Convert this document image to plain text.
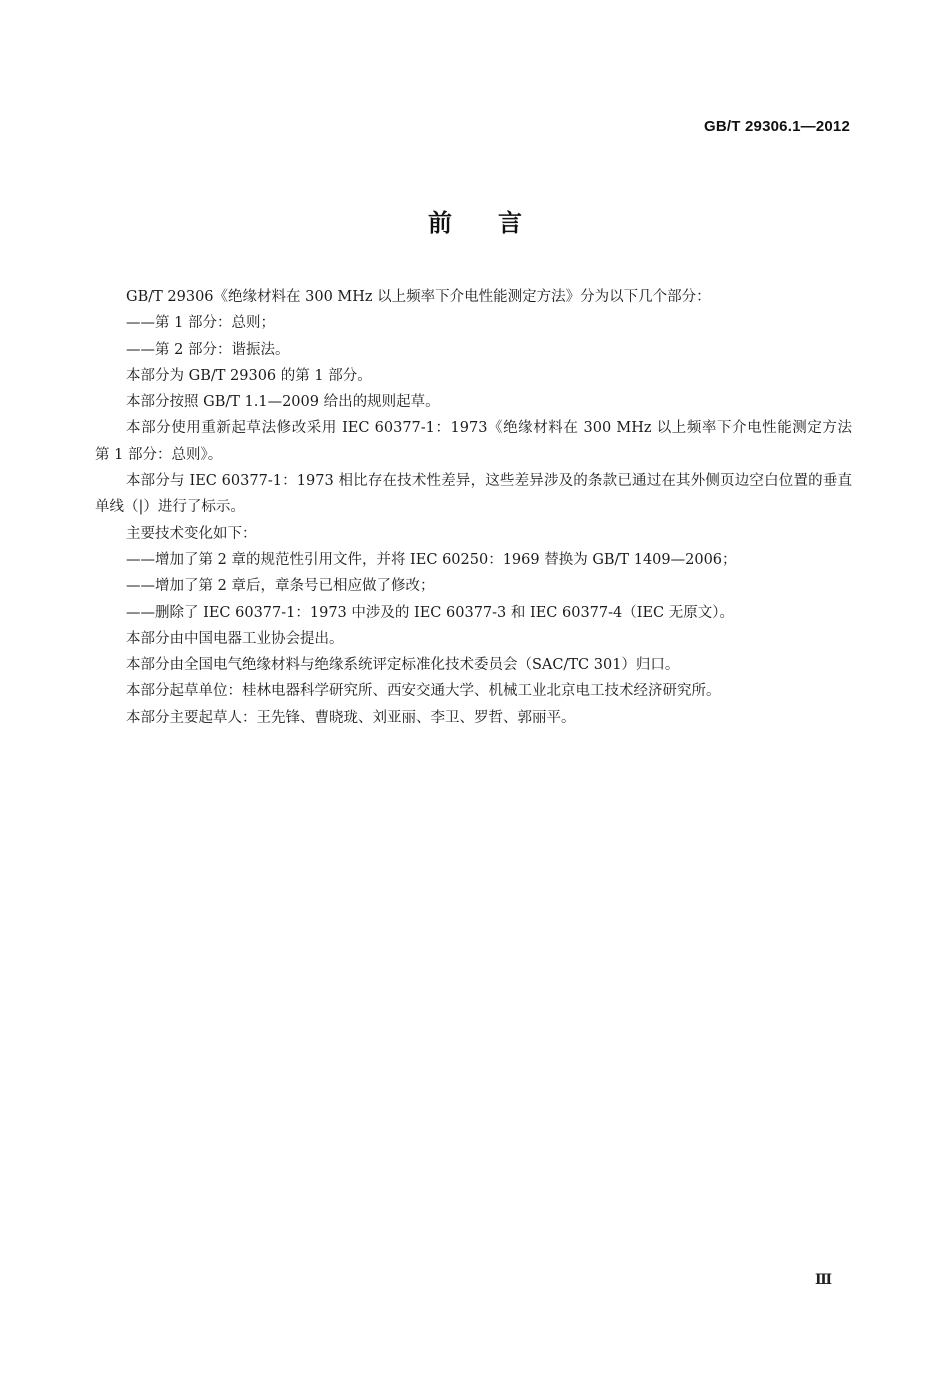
GB/T 29306.1—2012
前言

GB/T 29306《绝缘材料在 300 MHz 以上频率下介电性能测定方法》分为以下几个部分：

——第 1 部分：总则；

——第 2 部分：谐振法。

本部分为 GB/T 29306 的第 1 部分。

本部分按照 GB/T 1.1—2009 给出的规则起草。

本部分使用重新起草法修改采用 IEC 60377-1：1973《绝缘材料在 300 MHz 以上频率下介电性能测定方法　第 1 部分：总则》。

本部分与 IEC 60377-1：1973 相比存在技术性差异，这些差异涉及的条款已通过在其外侧页边空白位置的垂直单线（|）进行了标示。

主要技术变化如下：

——增加了第 2 章的规范性引用文件，并将 IEC 60250：1969 替换为 GB/T 1409—2006；

——增加了第 2 章后，章条号已相应做了修改；

——删除了 IEC 60377-1：1973 中涉及的 IEC 60377-3 和 IEC 60377-4（IEC 无原文）。

本部分由中国电器工业协会提出。

本部分由全国电气绝缘材料与绝缘系统评定标准化技术委员会（SAC/TC 301）归口。

本部分起草单位：桂林电器科学研究所、西安交通大学、机械工业北京电工技术经济研究所。

本部分主要起草人：王先锋、曹晓珑、刘亚丽、李卫、罗哲、郭丽平。

Ⅲ
